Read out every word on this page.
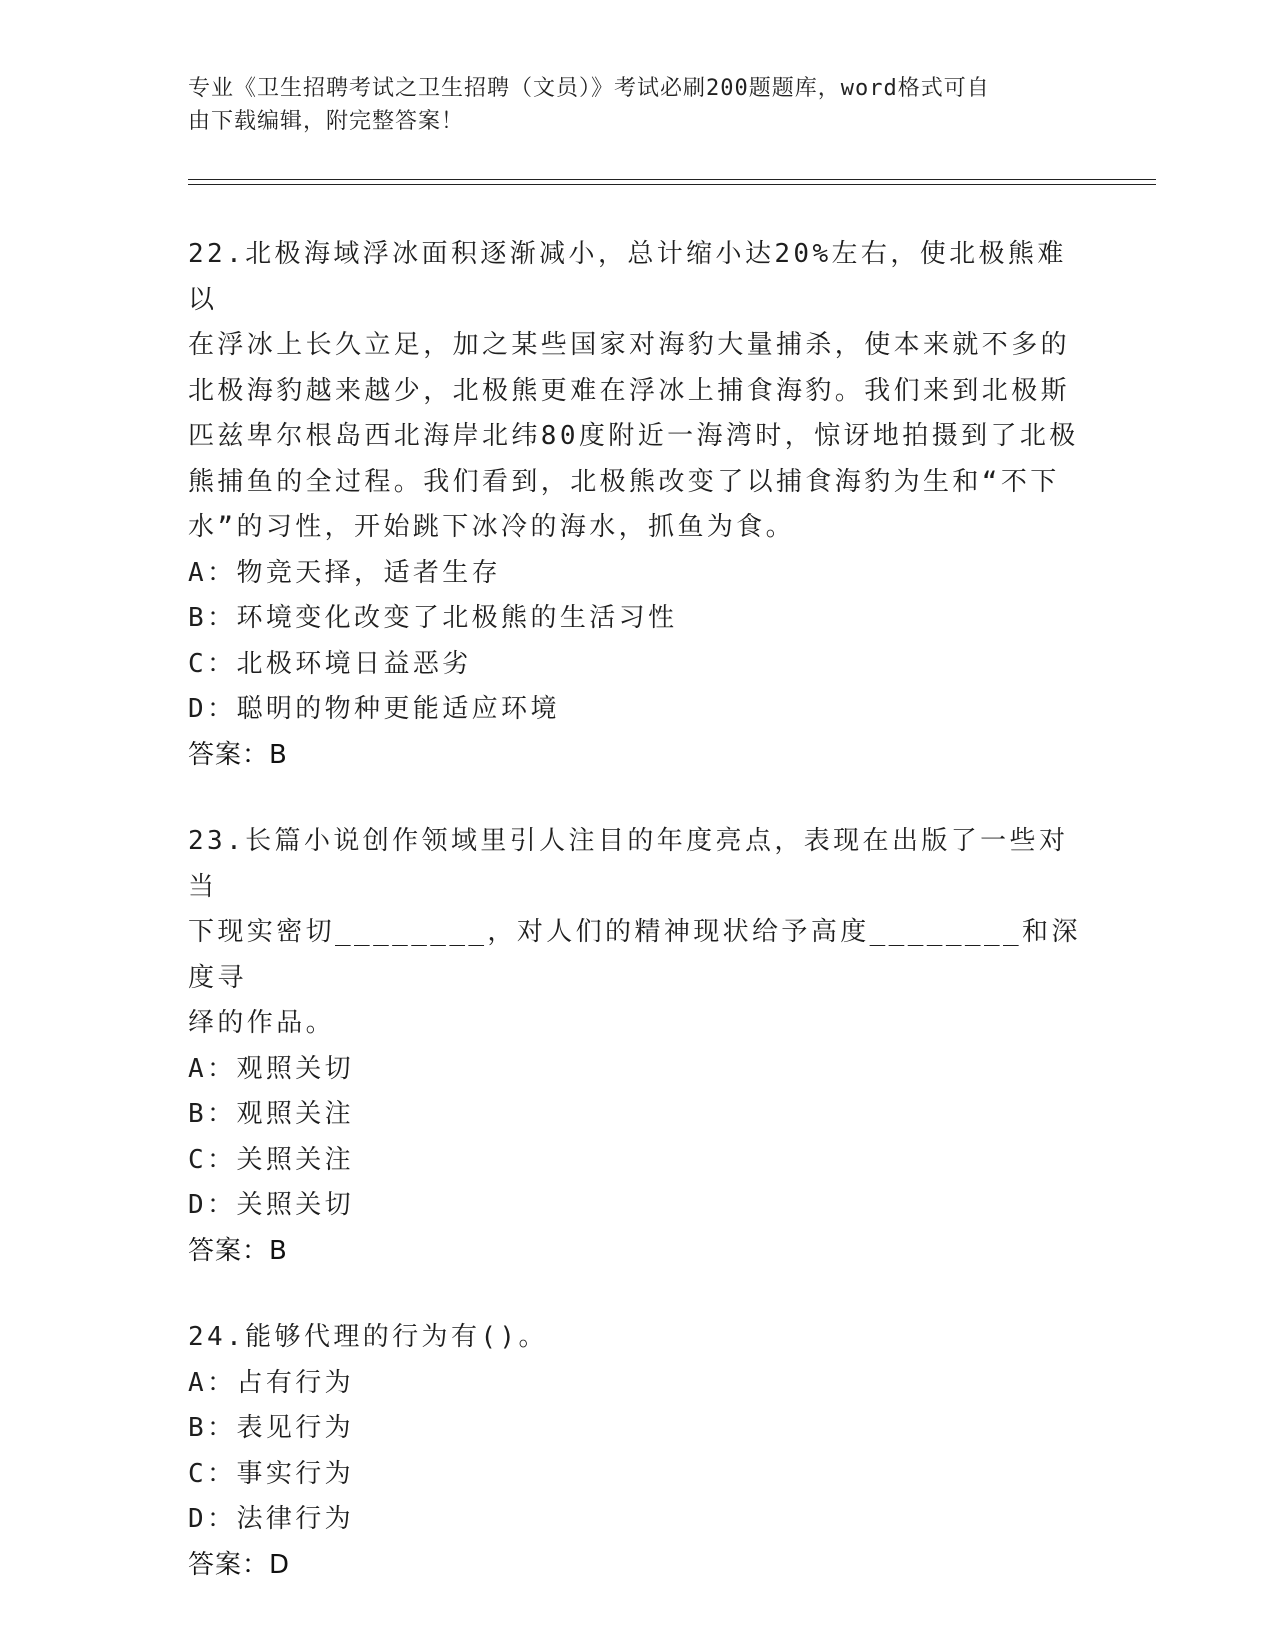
专业《卫生招聘考试之卫生招聘（文员）》考试必刷200题题库，word格式可自
由下载编辑，附完整答案！
22.北极海域浮冰面积逐渐减小，总计缩小达20%左右，使北极熊难以
在浮冰上长久立足，加之某些国家对海豹大量捕杀，使本来就不多的
北极海豹越来越少，北极熊更难在浮冰上捕食海豹。我们来到北极斯
匹兹卑尔根岛西北海岸北纬80度附近一海湾时，惊讶地拍摄到了北极
熊捕鱼的全过程。我们看到，北极熊改变了以捕食海豹为生和“不下
水”的习性，开始跳下冰冷的海水，抓鱼为食。
A：物竞天择，适者生存
B：环境变化改变了北极熊的生活习性
C：北极环境日益恶劣
D：聪明的物种更能适应环境
答案：B
23.长篇小说创作领域里引人注目的年度亮点，表现在出版了一些对当
下现实密切________，对人们的精神现状给予高度________和深度寻
绎的作品。
A：观照关切
B：观照关注
C：关照关注
D：关照关切
答案：B
24.能够代理的行为有()。
A：占有行为
B：表见行为
C：事实行为
D：法律行为
答案：D
